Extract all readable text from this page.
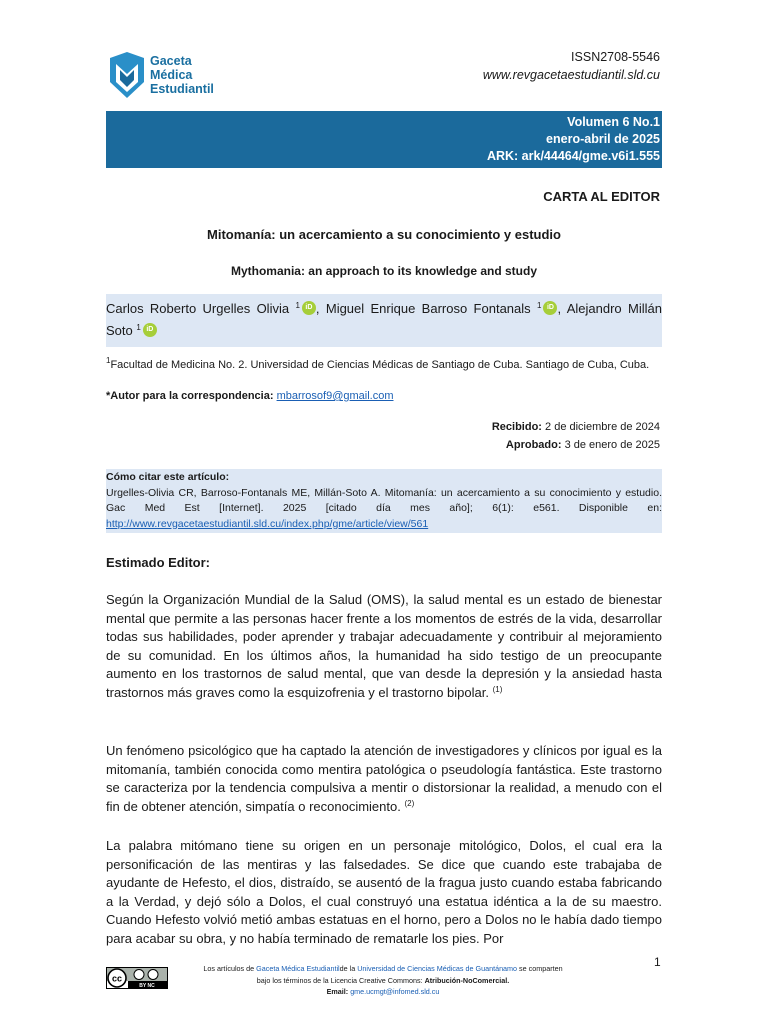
Gaceta
Médica
Estudiantil
ISSN2708-5546
www.revgacetaestudiantil.sld.cu
Volumen 6 No.1
enero-abril de 2025
ARK: ark/44464/gme.v6i1.555
CARTA AL EDITOR
Mitomanía: un acercamiento a su conocimiento y estudio
Mythomania: an approach to its knowledge and study
Carlos Roberto Urgelles Olivia $^1$ iD , Miguel Enrique Barroso Fontanals $^1$ iD , Alejandro Millán Soto $^1$ iD
$^1$Facultad de Medicina No. 2. Universidad de Ciencias Médicas de Santiago de Cuba. Santiago de Cuba, Cuba.
*Autor para la correspondencia: mbarrosof9@gmail.com
Recibido: 2 de diciembre de 2024
Aprobado: 3 de enero de 2025
Cómo citar este artículo:
Urgelles-Olivia CR, Barroso-Fontanals ME, Millán-Soto A. Mitomanía: un acercamiento a su conocimiento y estudio. Gac Med Est [Internet]. 2025 [citado día mes año]; 6(1): e561. Disponible en: http://www.revgacetaestudiantil.sld.cu/index.php/gme/article/view/561
Estimado Editor:
Según la Organización Mundial de la Salud (OMS), la salud mental es un estado de bienestar mental que permite a las personas hacer frente a los momentos de estrés de la vida, desarrollar todas sus habilidades, poder aprender y trabajar adecuadamente y contribuir al mejoramiento de su comunidad. En los últimos años, la humanidad ha sido testigo de un preocupante aumento en los trastornos de salud mental, que van desde la depresión y la ansiedad hasta trastornos más graves como la esquizofrenia y el trastorno bipolar. $^{(1)}$
Un fenómeno psicológico que ha captado la atención de investigadores y clínicos por igual es la mitomanía, también conocida como mentira patológica o pseudología fantástica. Este trastorno se caracteriza por la tendencia compulsiva a mentir o distorsionar la realidad, a menudo con el fin de obtener atención, simpatía o reconocimiento. $^{(2)}$
La palabra mitómano tiene su origen en un personaje mitológico, Dolos, el cual era la personificación de las mentiras y las falsedades. Se dice que cuando este trabajaba de ayudante de Hefesto, el dios, distraído, se ausentó de la fragua justo cuando estaba fabricando a la Verdad, y dejó sólo a Dolos, el cual construyó una estatua idéntica a la de su maestro. Cuando Hefesto volvió metió ambas estatuas en el horno, pero a Dolos no le había dado tiempo para acabar su obra, y no había terminado de rematarle los pies. Por
cc
BY NC
Los artículos de Gaceta Médica Estudiantilde la Universidad de Ciencias Médicas de Guantánamo se comparten
bajo los términos de la Licencia Creative Commons: Atribución-NoComercial.
Email: gme.ucmgt@infomed.sld.cu
1
